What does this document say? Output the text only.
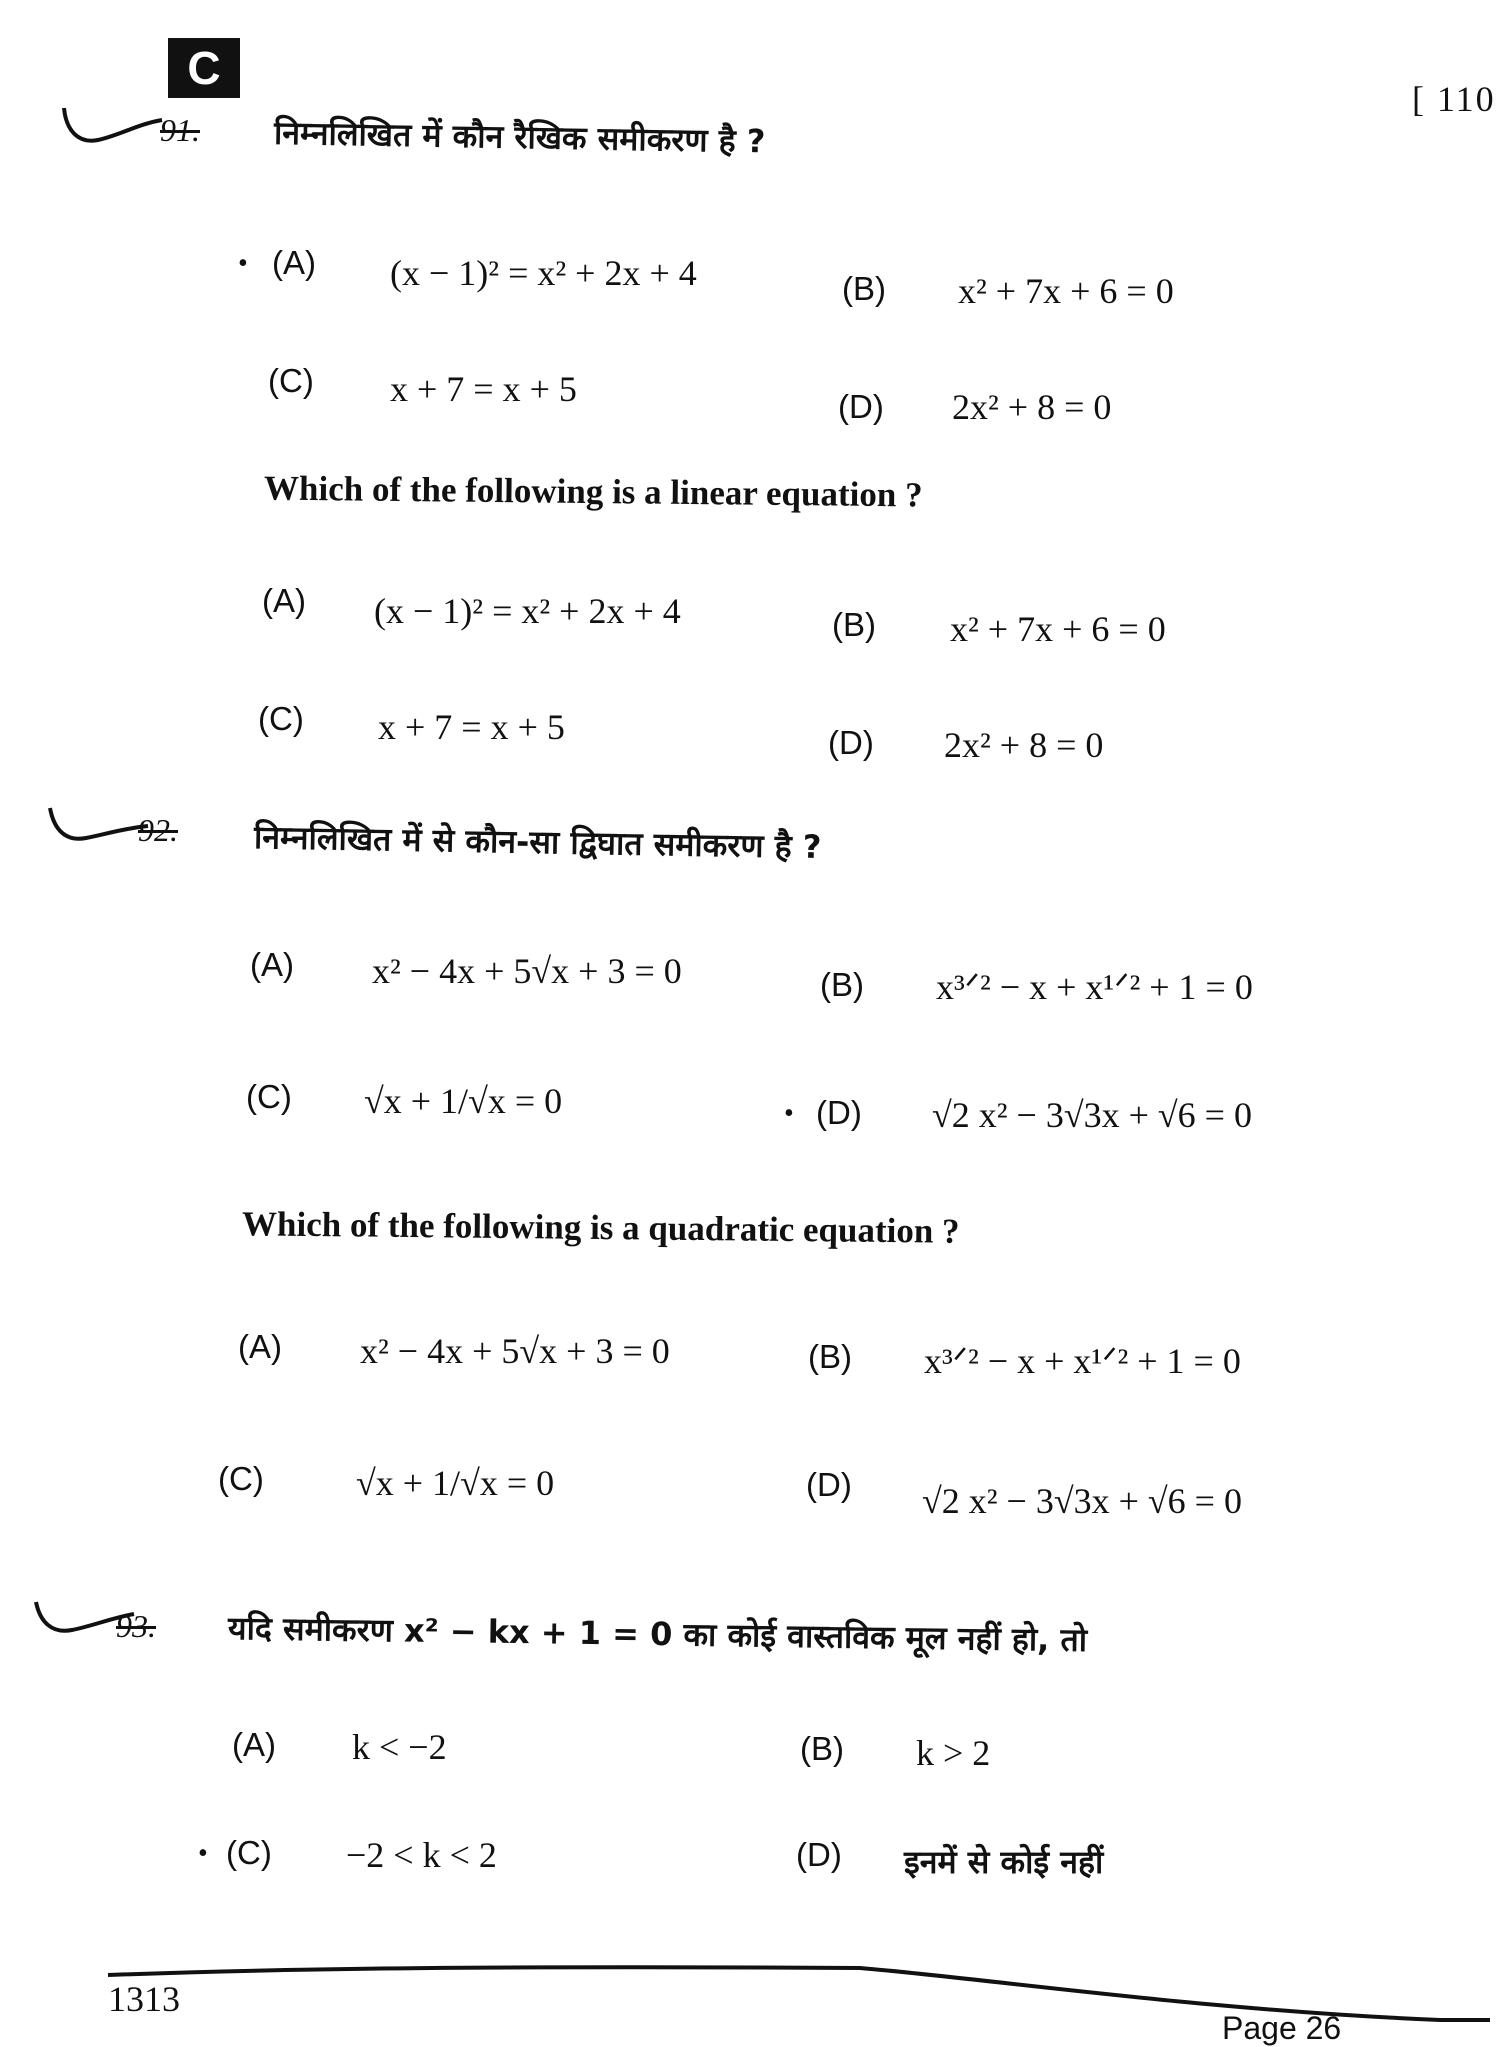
C
[ 110
91. निम्नलिखित में कौन रैखिक समीकरण है ?
• (A) (x − 1)² = x² + 2x + 4	(B) x² + 7x + 6 = 0
(C) x + 7 = x + 5	(D) 2x² + 8 = 0
Which of the following is a linear equation ?
(A) (x − 1)² = x² + 2x + 4	(B) x² + 7x + 6 = 0
(C) x + 7 = x + 5	(D) 2x² + 8 = 0
92. निम्नलिखित में से कौन-सा द्विघात समीकरण है ?
(A) x² − 4x + 5√x + 3 = 0	(B) x³ᐟ² − x + x¹ᐟ² + 1 = 0
(C) √x + 1/√x = 0	• (D) √2 x² − 3√3x + √6 = 0
Which of the following is a quadratic equation ?
(A) x² − 4x + 5√x + 3 = 0	(B) x³ᐟ² − x + x¹ᐟ² + 1 = 0
(C)	√x + 1/√x = 0	(D) √2 x² − 3√3x + √6 = 0
93. यदि समीकरण x² − kx + 1 = 0 का कोई वास्तविक मूल नहीं हो, तो
(A) k < −2	(B) k > 2
• (C) −2 < k < 2	(D) इनमें से कोई नहीं
1313
Page 26
